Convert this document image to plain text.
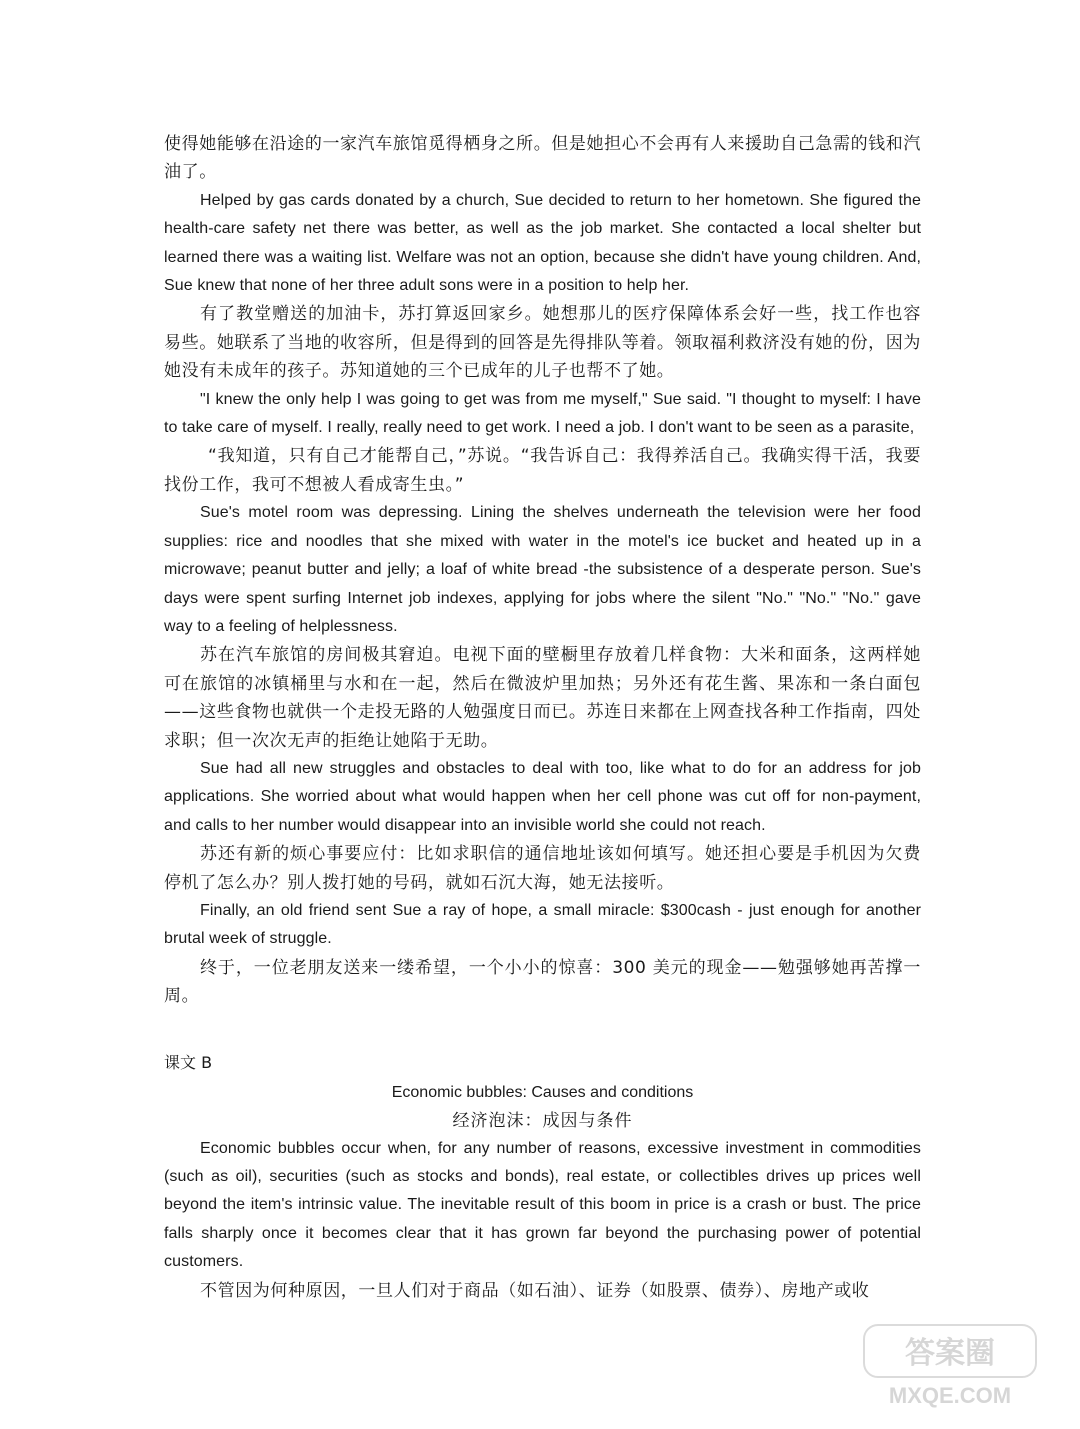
使得她能够在沿途的一家汽车旅馆觅得栖身之所。但是她担心不会再有人来援助自己急需的钱和汽油了。

Helped by gas cards donated by a church, Sue decided to return to her hometown. She figured the health-care safety net there was better, as well as the job market. She contacted a local shelter but learned there was a waiting list. Welfare was not an option, because she didn't have young children. And, Sue knew that none of her three adult sons were in a position to help her.

有了教堂赠送的加油卡，苏打算返回家乡。她想那儿的医疗保障体系会好一些，找工作也容易些。她联系了当地的收容所，但是得到的回答是先得排队等着。领取福利救济没有她的份，因为她没有未成年的孩子。苏知道她的三个已成年的儿子也帮不了她。

"I knew the only help I was going to get was from me myself," Sue said. "I thought to myself: I have to take care of myself. I really, really need to get work. I need a job. I don't want to be seen as a parasite,

“我知道，只有自己才能帮自己，”苏说。“我告诉自己：我得养活自己。我确实得干活，我要找份工作，我可不想被人看成寄生虫。”

Sue's motel room was depressing. Lining the shelves underneath the television were her food supplies: rice and noodles that she mixed with water in the motel's ice bucket and heated up in a microwave; peanut butter and jelly; a loaf of white bread -the subsistence of a desperate person. Sue's days were spent surfing Internet job indexes, applying for jobs where the silent "No." "No." "No." gave way to a feeling of helplessness.

苏在汽车旅馆的房间极其窘迫。电视下面的壁橱里存放着几样食物：大米和面条，这两样她可在旅馆的冰镇桶里与水和在一起，然后在微波炉里加热；另外还有花生酱、果冻和一条白面包——这些食物也就供一个走投无路的人勉强度日而已。苏连日来都在上网查找各种工作指南，四处求职；但一次次无声的拒绝让她陷于无助。

Sue had all new struggles and obstacles to deal with too, like what to do for an address for job applications. She worried about what would happen when her cell phone was cut off for non-payment, and calls to her number would disappear into an invisible world she could not reach.

苏还有新的烦心事要应付：比如求职信的通信地址该如何填写。她还担心要是手机因为欠费停机了怎么办？别人拨打她的号码，就如石沉大海，她无法接听。

Finally, an old friend sent Sue a ray of hope, a small miracle: $300cash - just enough for another brutal week of struggle.

终于，一位老朋友送来一缕希望，一个小小的惊喜：300 美元的现金——勉强够她再苦撑一周。

课文 B
Economic bubbles: Causes and conditions
经济泡沫：成因与条件

Economic bubbles occur when, for any number of reasons, excessive investment in commodities (such as oil), securities (such as stocks and bonds), real estate, or collectibles drives up prices well beyond the item's intrinsic value. The inevitable result of this boom in price is a crash or bust. The price falls sharply once it becomes clear that it has grown far beyond the purchasing power of potential customers.

不管因为何种原因，一旦人们对于商品（如石油）、证券（如股票、债券）、房地产或收

答案圈
MXQE.COM
